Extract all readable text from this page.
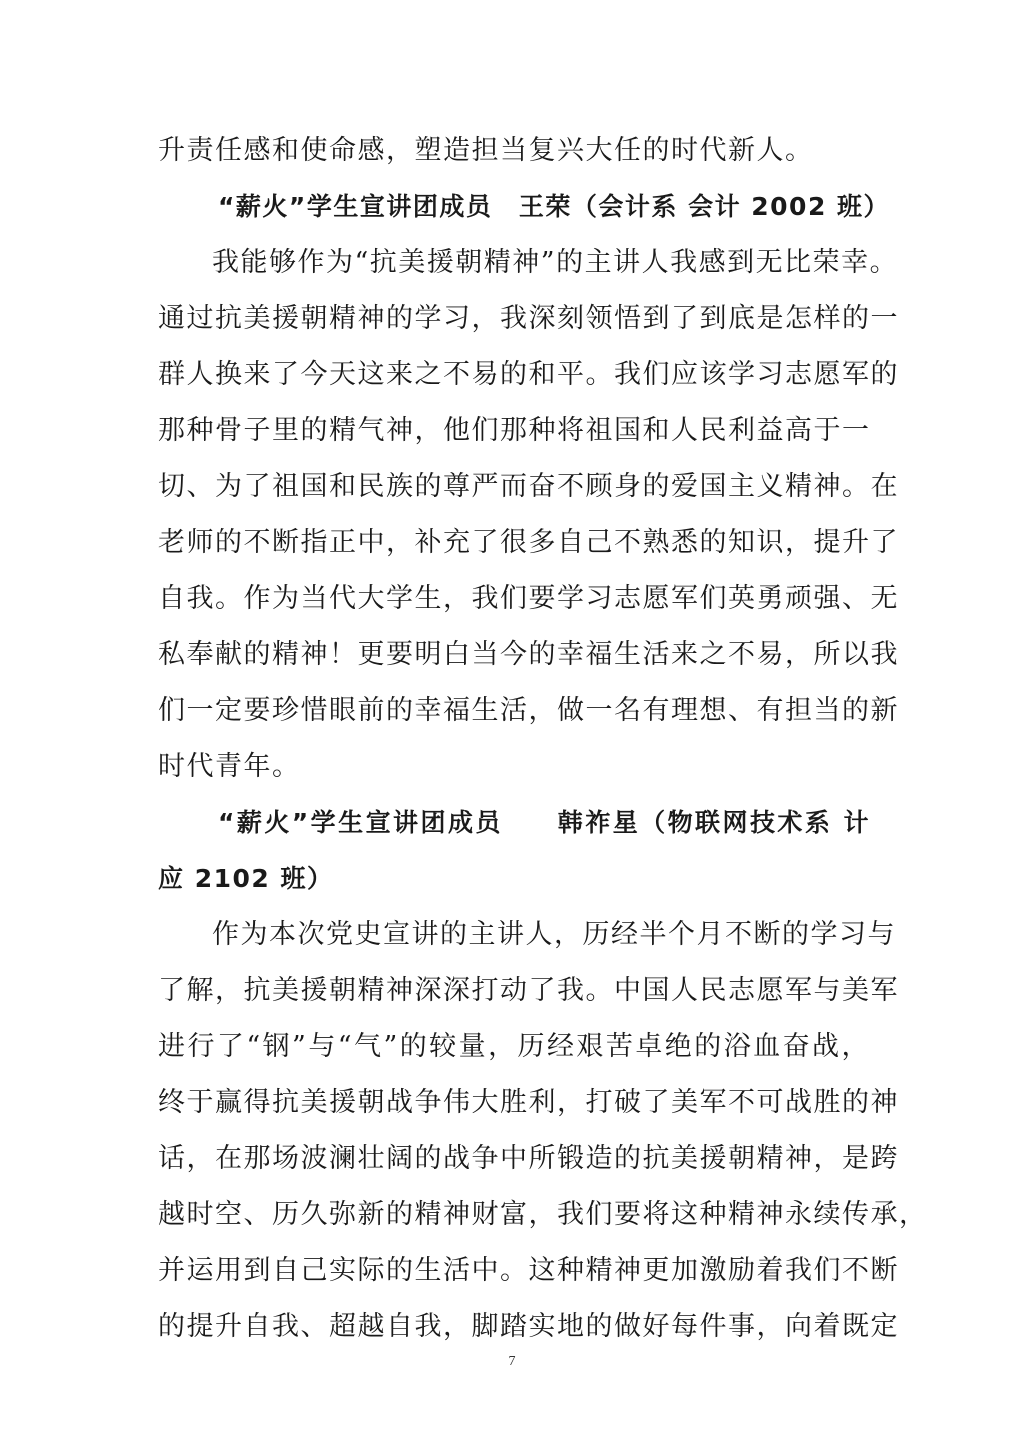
升责任感和使命感，塑造担当复兴大任的时代新人。
“薪火”学生宣讲团成员　王荣（会计系 会计 2002 班）
我能够作为“抗美援朝精神”的主讲人我感到无比荣幸。
通过抗美援朝精神的学习，我深刻领悟到了到底是怎样的一
群人换来了今天这来之不易的和平。我们应该学习志愿军的
那种骨子里的精气神，他们那种将祖国和人民利益高于一
切、为了祖国和民族的尊严而奋不顾身的爱国主义精神。在
老师的不断指正中，补充了很多自己不熟悉的知识，提升了
自我。作为当代大学生，我们要学习志愿军们英勇顽强、无
私奉献的精神！更要明白当今的幸福生活来之不易，所以我
们一定要珍惜眼前的幸福生活，做一名有理想、有担当的新
时代青年。
“薪火”学生宣讲团成员　　韩祚星（物联网技术系 计
应 2102 班）
作为本次党史宣讲的主讲人，历经半个月不断的学习与
了解，抗美援朝精神深深打动了我。中国人民志愿军与美军
进行了“钢”与“气”的较量，历经艰苦卓绝的浴血奋战，
终于赢得抗美援朝战争伟大胜利，打破了美军不可战胜的神
话，在那场波澜壮阔的战争中所锻造的抗美援朝精神，是跨
越时空、历久弥新的精神财富，我们要将这种精神永续传承，
并运用到自己实际的生活中。这种精神更加激励着我们不断
的提升自我、超越自我，脚踏实地的做好每件事，向着既定
7
